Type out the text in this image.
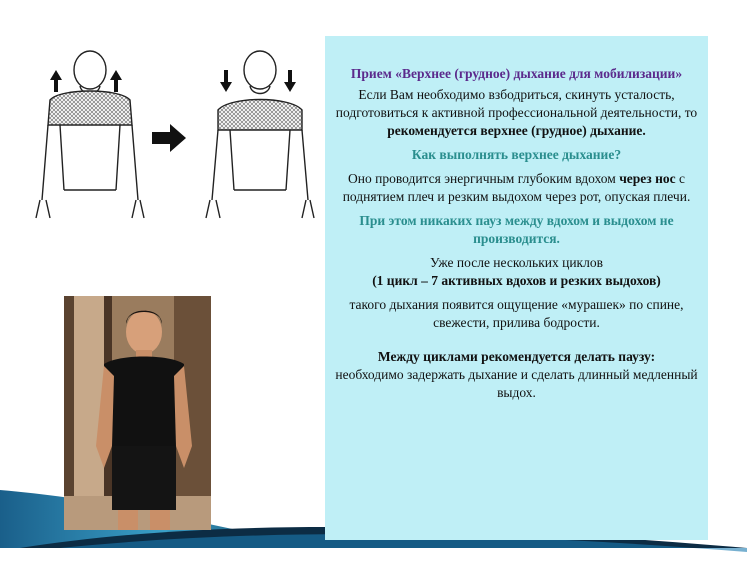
Прием «Верхнее (грудное) дыхание для мобилизации»

Если Вам необходимо взбодриться, скинуть усталость, подготовиться к активной профессиональной деятельности, то рекомендуется верхнее (грудное) дыхание.

Как выполнять верхнее дыхание?

Оно проводится энергичным глубоким вдохом через нос с поднятием плеч и резким выдохом через рот, опуская плечи.

При этом никаких пауз между вдохом и выдохом не производится.

Уже после нескольких циклов

(1 цикл – 7 активных вдохов и резких выдохов)

такого дыхания появится ощущение «мурашек» по спине, свежести, прилива бодрости.

Между циклами рекомендуется делать паузу:

необходимо задержать дыхание и сделать длинный медленный выдох.
